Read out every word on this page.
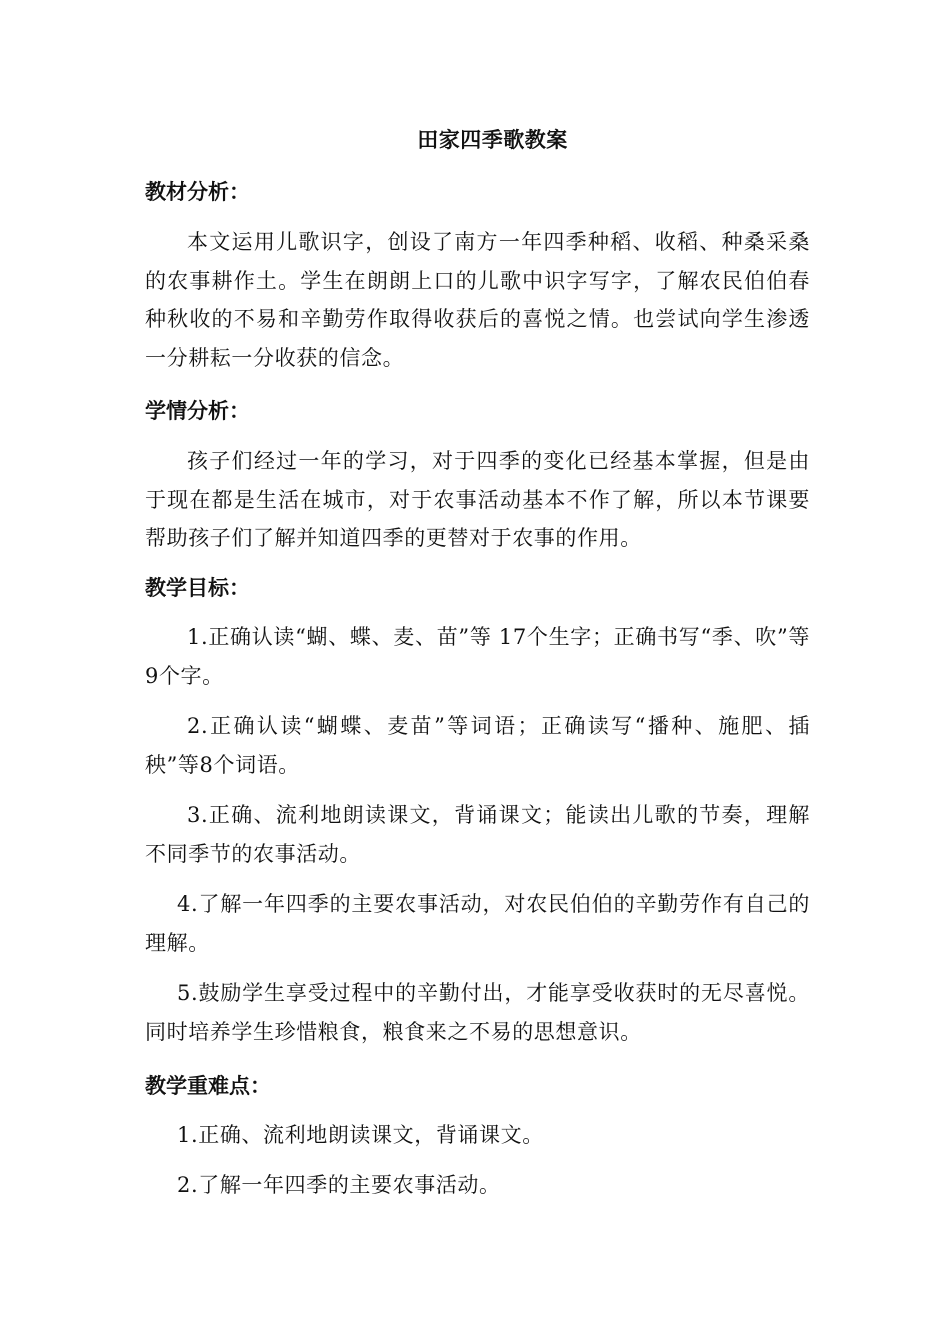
田家四季歌教案
教材分析：
本文运用儿歌识字，创设了南方一年四季种稻、收稻、种桑采桑的农事耕作土。学生在朗朗上口的儿歌中识字写字，了解农民伯伯春种秋收的不易和辛勤劳作取得收获后的喜悦之情。也尝试向学生渗透一分耕耘一分收获的信念。
学情分析：
孩子们经过一年的学习，对于四季的变化已经基本掌握，但是由于现在都是生活在城市，对于农事活动基本不作了解，所以本节课要帮助孩子们了解并知道四季的更替对于农事的作用。
教学目标：
1.正确认读“蝴、蝶、麦、苗”等 17个生字；正确书写“季、吹”等9个字。
2.正确认读“蝴蝶、麦苗”等词语；正确读写“播种、施肥、插秧”等8个词语。
3.正确、流利地朗读课文，背诵课文；能读出儿歌的节奏，理解不同季节的农事活动。
4.了解一年四季的主要农事活动，对农民伯伯的辛勤劳作有自己的理解。
5.鼓励学生享受过程中的辛勤付出，才能享受收获时的无尽喜悦。同时培养学生珍惜粮食，粮食来之不易的思想意识。
教学重难点：
1.正确、流利地朗读课文，背诵课文。
2.了解一年四季的主要农事活动。
